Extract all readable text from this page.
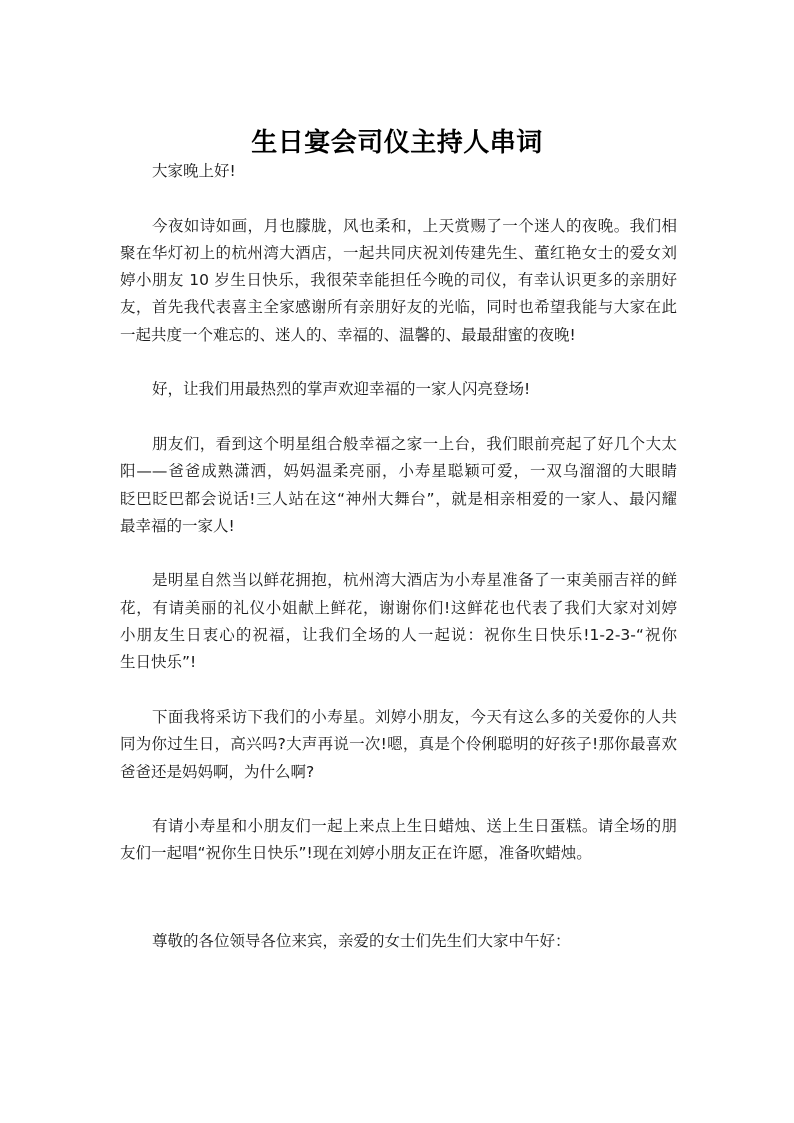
生日宴会司仪主持人串词

大家晚上好!

今夜如诗如画，月也朦胧，风也柔和，上天赏赐了一个迷人的夜晚。我们相
聚在华灯初上的杭州湾大酒店，一起共同庆祝刘传建先生、董红艳女士的爱女刘
婷小朋友 10 岁生日快乐，我很荣幸能担任今晚的司仪，有幸认识更多的亲朋好
友，首先我代表喜主全家感谢所有亲朋好友的光临，同时也希望我能与大家在此
一起共度一个难忘的、迷人的、幸福的、温馨的、最最甜蜜的夜晚!

好，让我们用最热烈的掌声欢迎幸福的一家人闪亮登场!

朋友们，看到这个明星组合般幸福之家一上台，我们眼前亮起了好几个大太
阳——爸爸成熟潇洒，妈妈温柔亮丽，小寿星聪颖可爱，一双乌溜溜的大眼睛
眨巴眨巴都会说话!三人站在这“神州大舞台”，就是相亲相爱的一家人、最闪耀
最幸福的一家人!

是明星自然当以鲜花拥抱，杭州湾大酒店为小寿星准备了一束美丽吉祥的鲜
花，有请美丽的礼仪小姐献上鲜花，谢谢你们!这鲜花也代表了我们大家对刘婷
小朋友生日衷心的祝福，让我们全场的人一起说：祝你生日快乐!1-2-3-“祝你
生日快乐”!

下面我将采访下我们的小寿星。刘婷小朋友，今天有这么多的关爱你的人共
同为你过生日，高兴吗?大声再说一次!嗯，真是个伶俐聪明的好孩子!那你最喜欢
爸爸还是妈妈啊，为什么啊?

有请小寿星和小朋友们一起上来点上生日蜡烛、送上生日蛋糕。请全场的朋
友们一起唱“祝你生日快乐”!现在刘婷小朋友正在许愿，准备吹蜡烛。

尊敬的各位领导各位来宾，亲爱的女士们先生们大家中午好：
